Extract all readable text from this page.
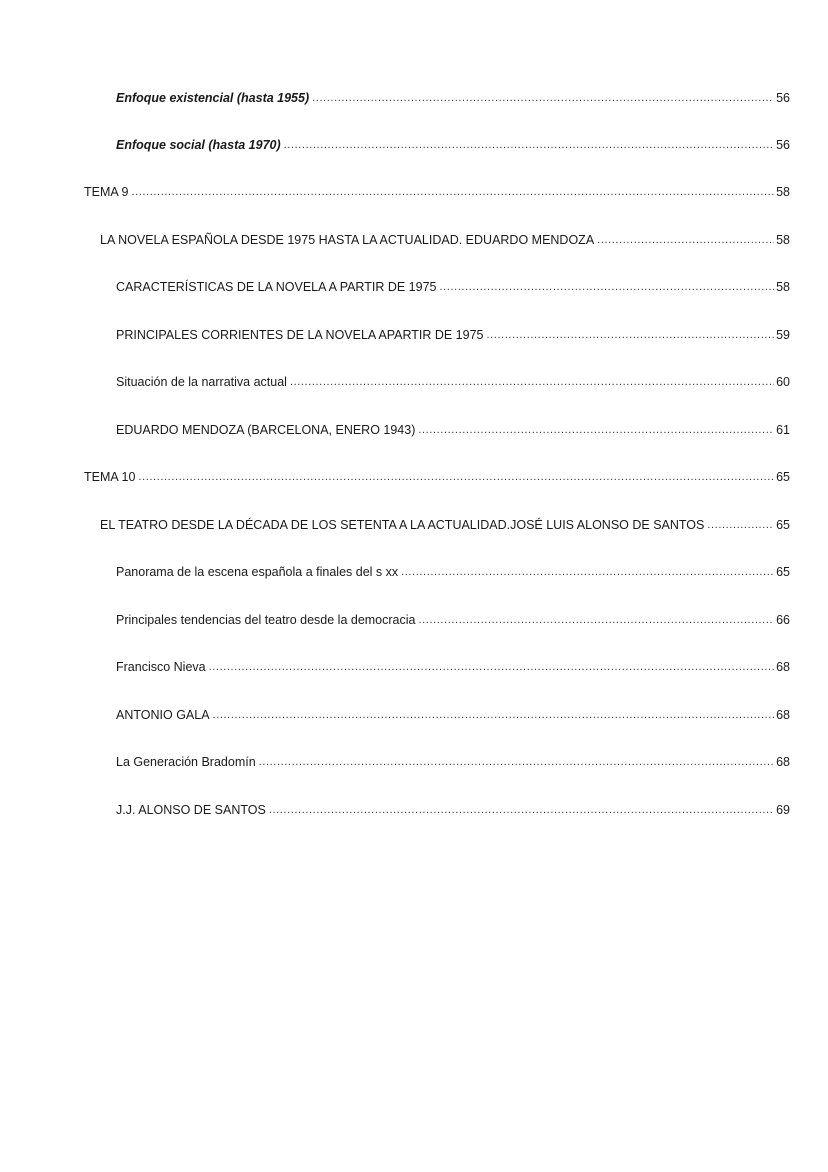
Enfoque existencial (hasta 1955) .....	56
Enfoque social (hasta 1970) .....	56
TEMA 9 .....	58
LA NOVELA ESPAÑOLA DESDE 1975 HASTA LA ACTUALIDAD. EDUARDO MENDOZA .....	58
CARACTERÍSTICAS DE LA NOVELA A PARTIR DE 1975 .....	58
PRINCIPALES CORRIENTES DE LA NOVELA APARTIR DE 1975 .....	59
Situación de la narrativa actual .....	60
EDUARDO MENDOZA (BARCELONA, ENERO 1943) .....	61
TEMA 10 .....	65
EL TEATRO DESDE LA DÉCADA DE LOS SETENTA A LA ACTUALIDAD.JOSÉ LUIS ALONSO DE SANTOS .....	65
Panorama de la escena española a finales del s xx .....	65
Principales tendencias del teatro desde la democracia .....	66
Francisco Nieva .....	68
ANTONIO GALA .....	68
La Generación Bradomín .....	68
J.J. ALONSO DE SANTOS .....	69
